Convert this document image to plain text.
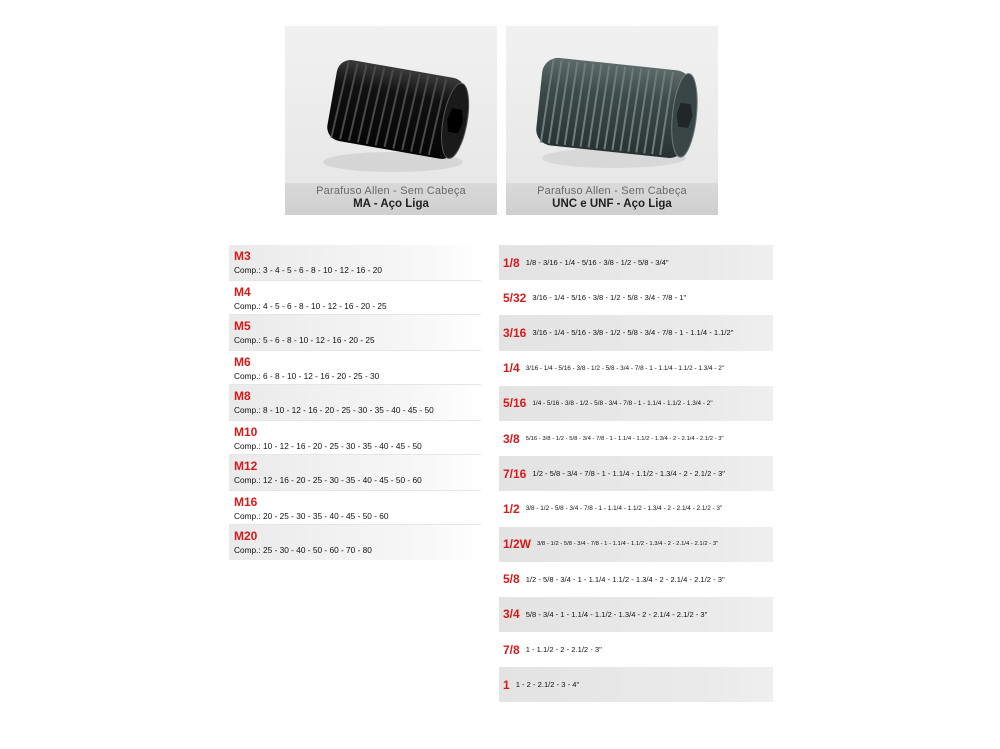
Parafuso Allen - Sem Cabeça
MA - Aço Liga
Parafuso Allen - Sem Cabeça
UNC e UNF - Aço Liga
M3
Comp.: 3 - 4 - 5 - 6 - 8 - 10 - 12 - 16 - 20
M4
Comp.: 4 - 5 - 6 - 8 - 10 - 12 - 16 - 20 - 25
M5
Comp.: 5 - 6 - 8 - 10 - 12 - 16 - 20 - 25
M6
Comp.: 6 - 8 - 10 - 12 - 16 - 20 - 25 - 30
M8
Comp.: 8 - 10 - 12 - 16 - 20 - 25 - 30 - 35 - 40 - 45 - 50
M10
Comp.: 10 - 12 - 16 - 20 - 25 - 30 - 35 - 40 - 45 - 50
M12
Comp.: 12 - 16 - 20 - 25 - 30 - 35 - 40 - 45 - 50 - 60
M16
Comp.: 20 - 25 - 30 - 35 - 40 - 45 - 50 - 60
M20
Comp.: 25 - 30 - 40 - 50 - 60 - 70 - 80
1/8 1/8 - 3/16 - 1/4 - 5/16 - 3/8 - 1/2 - 5/8 - 3/4"
5/32 3/16 - 1/4 - 5/16 - 3/8 - 1/2 - 5/8 - 3/4 - 7/8 - 1"
3/16 3/16 - 1/4 - 5/16 - 3/8 - 1/2 - 5/8 - 3/4 - 7/8 - 1 - 1.1/4 - 1.1/2"
1/4 3/16 - 1/4 - 5/16 - 3/8 - 1/2 - 5/8 - 3/4 - 7/8 - 1 - 1.1/4 - 1.1/2 - 1.3/4 - 2"
5/16 1/4 - 5/16 - 3/8 - 1/2 - 5/8 - 3/4 - 7/8 - 1 - 1.1/4 - 1.1/2 - 1.3/4 - 2"
3/8 5/16 - 3/8 - 1/2 - 5/8 - 3/4 - 7/8 - 1 - 1.1/4 - 1.1/2 - 1.3/4 - 2 - 2.1/4 - 2.1/2 - 3"
7/16 1/2 - 5/8 - 3/4 - 7/8 - 1 - 1.1/4 - 1.1/2 - 1.3/4 - 2 - 2.1/2 - 3"
1/2 3/8 - 1/2 - 5/8 - 3/4 - 7/8 - 1 - 1.1/4 - 1.1/2 - 1.3/4 - 2 - 2.1/4 - 2.1/2 - 3"
1/2W 3/8 - 1/2 - 5/8 - 3/4 - 7/8 - 1 - 1.1/4 - 1.1/2 - 1.3/4 - 2 - 2.1/4 - 2.1/2 - 3"
5/8 1/2 - 5/8 - 3/4 - 1 - 1.1/4 - 1.1/2 - 1.3/4 - 2 - 2.1/4 - 2.1/2 - 3"
3/4 5/8 - 3/4 - 1 - 1.1/4 - 1.1/2 - 1.3/4 - 2 - 2.1/4 - 2.1/2 - 3"
7/8 1 - 1.1/2 - 2 - 2.1/2 - 3"
1 1 - 2 - 2.1/2 - 3 - 4"
